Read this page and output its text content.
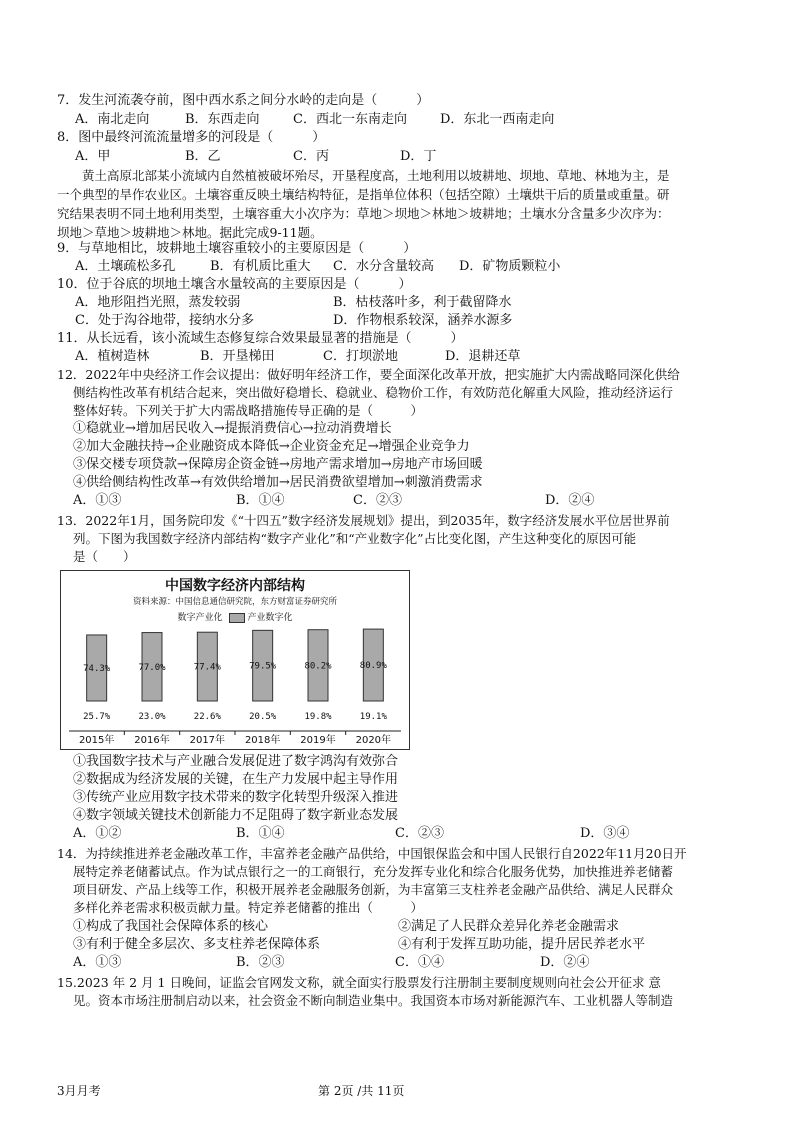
7．发生河流袭夺前，图中西水系之间分水岭的走向是（　　　）
A．南北走向	B．东西走向	C．西北一东南走向	D．东北一西南走向
8．图中最终河流流量增多的河段是（　　　）
A．甲	B．乙	C．丙	D．丁
　　黄土高原北部某小流域内自然植被破坏殆尽，开垦程度高，土地利用以坡耕地、坝地、草地、林地为主，是
一个典型的旱作农业区。土壤容重反映土壤结构特征，是指单位体积（包括空隙）土壤烘干后的质量或重量。研
究结果表明不同土地利用类型，土壤容重大小次序为：草地＞坝地＞林地＞坡耕地；土壤水分含量多少次序为：
坝地＞草地＞坡耕地＞林地。据此完成9-11题。
9．与草地相比，坡耕地土壤容重较小的主要原因是（　　　）
A．土壤疏松多孔	B．有机质比重大 C．水分含量较高 D．矿物质颗粒小
10．位于谷底的坝地土壤含水量较高的主要原因是（　　　）
A．地形阻挡光照，蒸发较弱	B．枯枝落叶多，利于截留降水
C．处于沟谷地带，接纳水分多	D．作物根系较深，涵养水源多
11．从长远看，该小流域生态修复综合效果最显著的措施是（　　　）
A．植树造林	B．开垦梯田	C．打坝淤地	D．退耕还草
12．2022年中央经济工作会议提出：做好明年经济工作，要全面深化改革开放，把实施扩大内需战略同深化供给
侧结构性改革有机结合起来，突出做好稳增长、稳就业、稳物价工作，有效防范化解重大风险，推动经济运行
整体好转。下列关于扩大内需战略措施传导正确的是（　　　）
①稳就业→增加居民收入→提振消费信心→拉动消费增长
②加大金融扶持→企业融资成本降低→企业资金充足→增强企业竞争力
③保交楼专项贷款→保障房企资金链→房地产需求增加→房地产市场回暖
④供给侧结构性改革→有效供给增加→居民消费欲望增加→刺激消费需求
A．①③	B．①④	C．②③	D．②④
13．2022年1月，国务院印发《“十四五”数字经济发展规划》提出，到2035年，数字经济发展水平位居世界前
列。下图为我国数字经济内部结构“数字产业化”和“产业数字化”占比变化图，产生这种变化的原因可能
是（　　）
中国数字经济内部结构
资料来源：中国信息通信研究院，东方财富证券研究所
数字产业化	产业数字化
74.3%
25.7%
2015年
77.0%
23.0%
2016年
77.4%
22.6%
2017年
79.5%
20.5%
2018年
80.2%
19.8%
2019年
80.9%
19.1%
2020年
①我国数字技术与产业融合发展促进了数字鸿沟有效弥合
②数据成为经济发展的关键，在生产力发展中起主导作用
③传统产业应用数字技术带来的数字化转型升级深入推进
④数字领域关键技术创新能力不足阻碍了数字新业态发展
A．①②	B．①④	C．②③	D．③④
14．为持续推进养老金融改革工作，丰富养老金融产品供给，中国银保监会和中国人民银行自2022年11月20日开
展特定养老储蓄试点。作为试点银行之一的工商银行，充分发挥专业化和综合化服务优势，加快推进养老储蓄
项目研发、产品上线等工作，积极开展养老金融服务创新，为丰富第三支柱养老金融产品供给、满足人民群众
多样化养老需求积极贡献力量。特定养老储蓄的推出（　　　）
①构成了我国社会保障体系的核心	②满足了人民群众差异化养老金融需求
③有利于健全多层次、多支柱养老保障体系	④有利于发挥互助功能，提升居民养老水平
A．①③	B．②③	C．①④	D．②④
15.2023 年 2 月 1 日晚间，证监会官网发文称，就全面实行股票发行注册制主要制度规则向社会公开征求 意
见。资本市场注册制启动以来，社会资金不断向制造业集中。我国资本市场对新能源汽车、工业机器人等制造
3月月考	第 2页 /共 11页
